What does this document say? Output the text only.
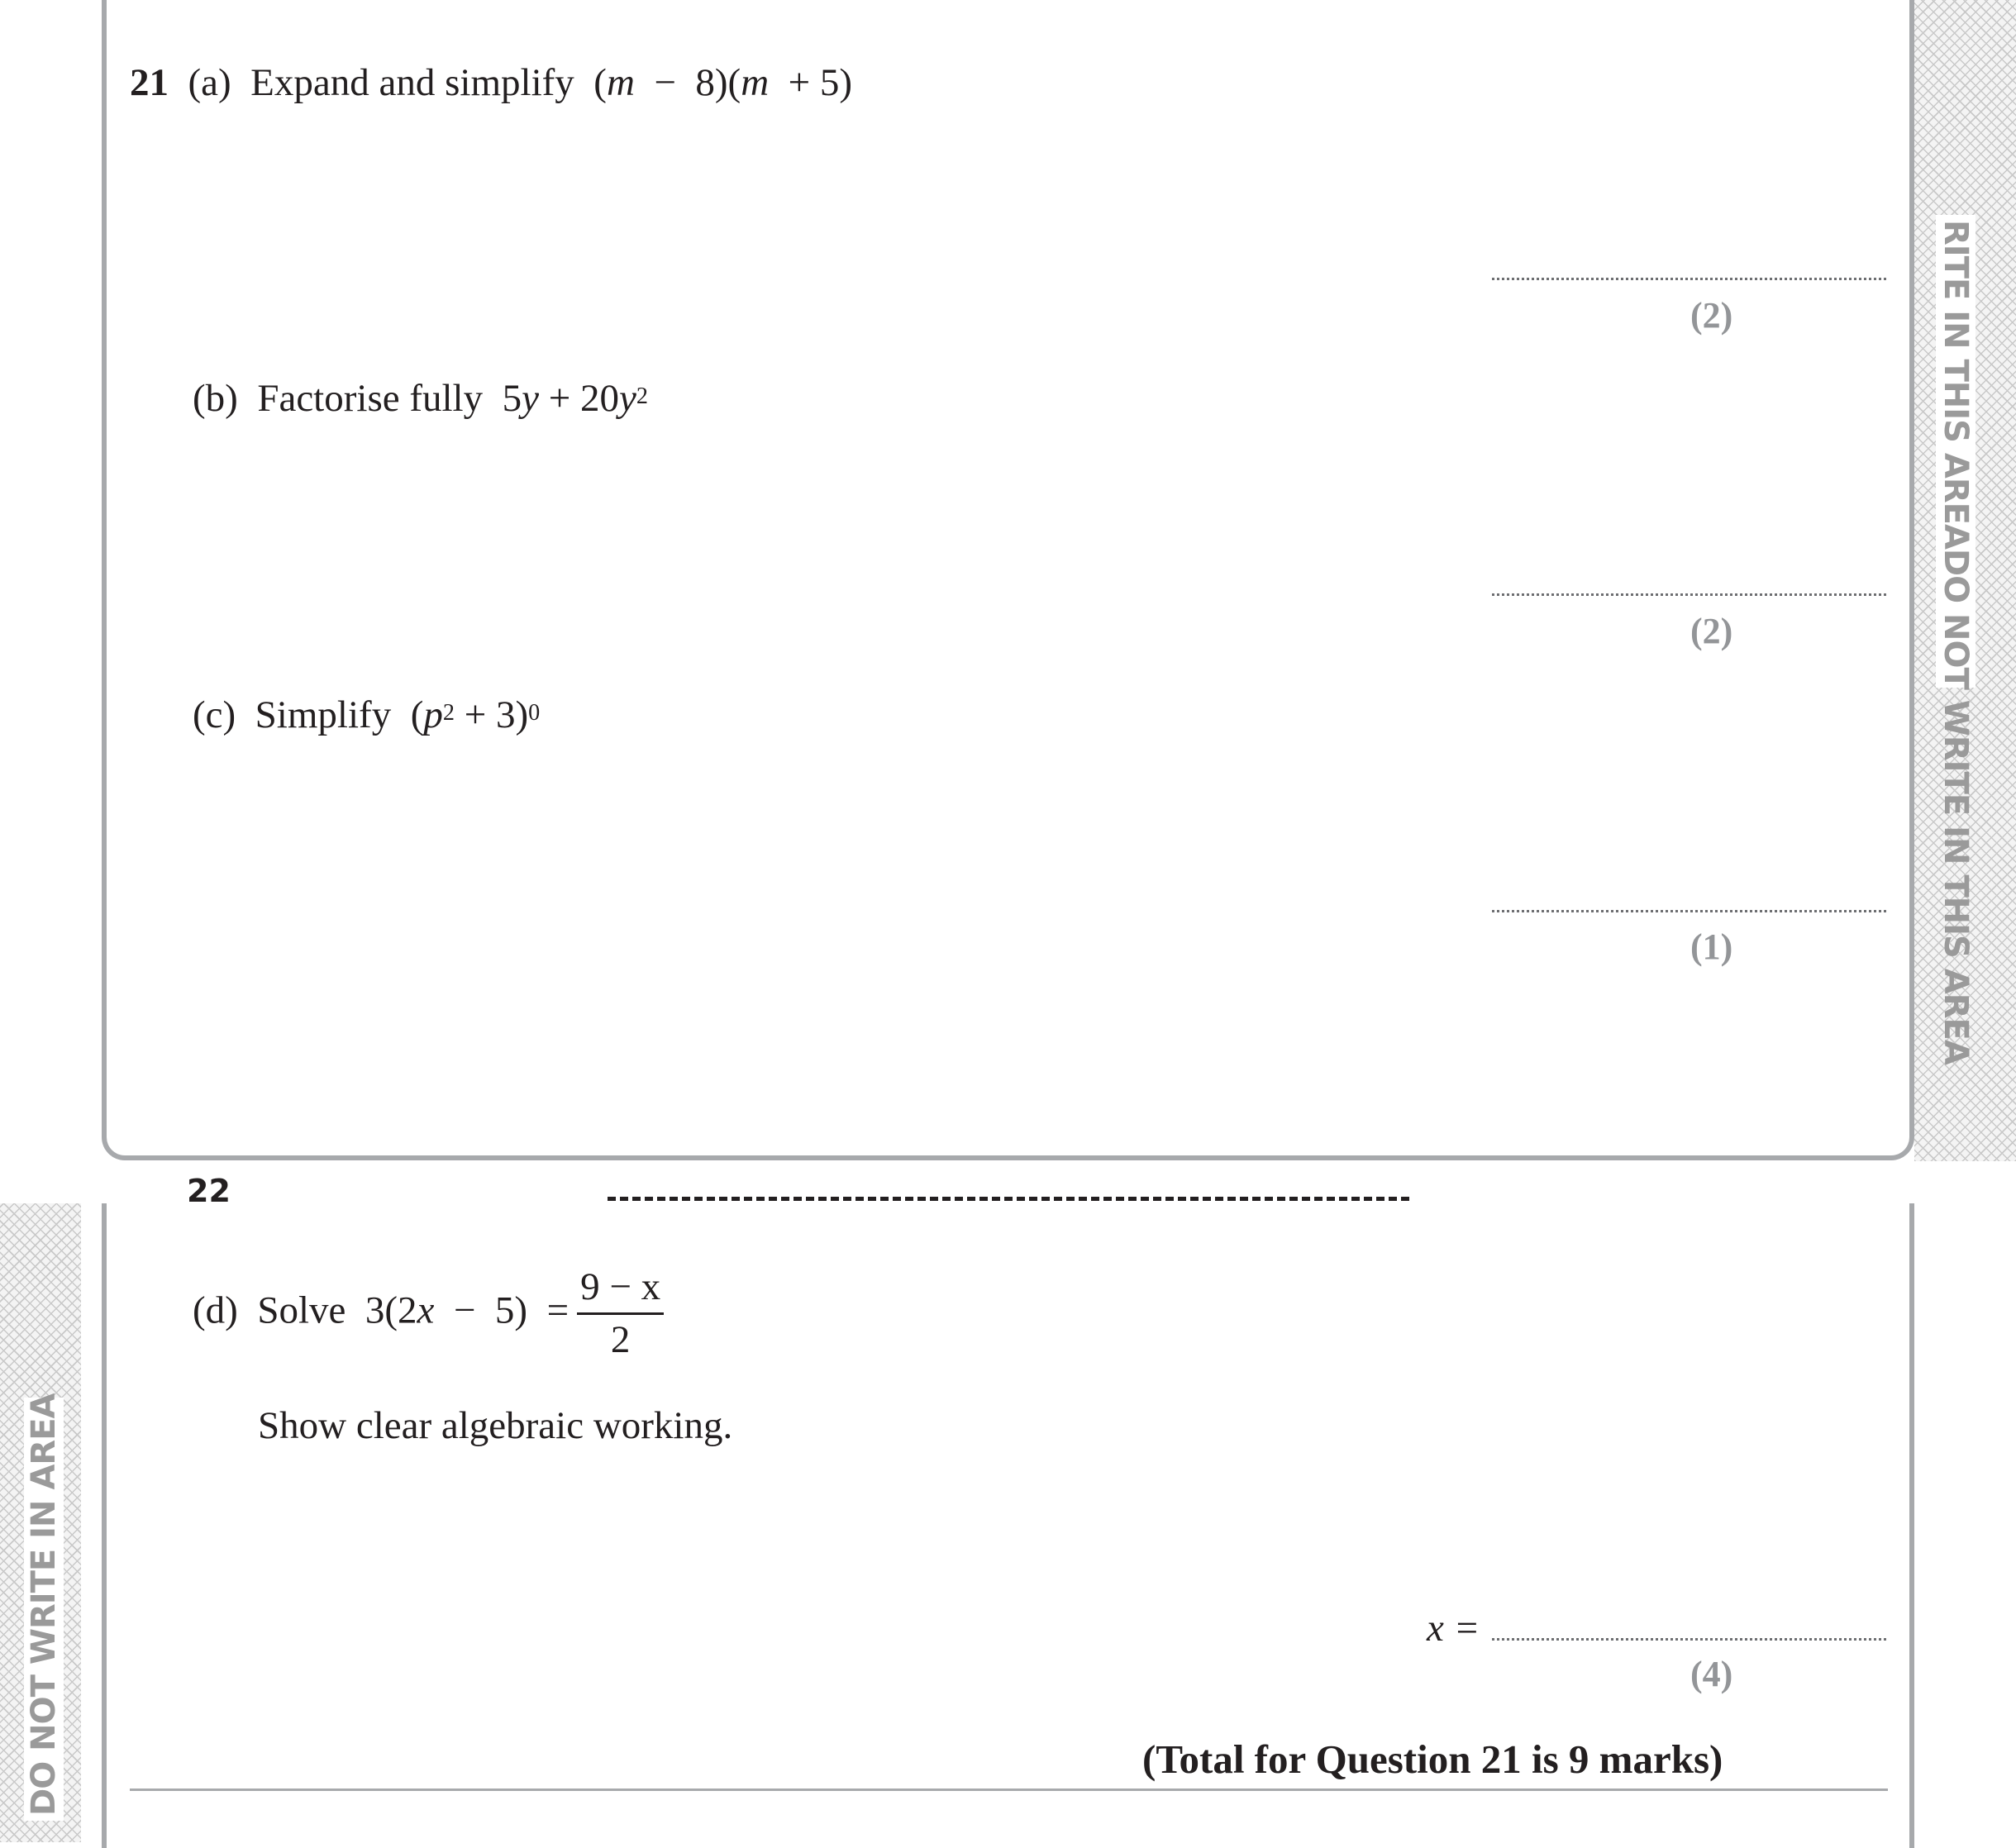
RITE IN THIS AREADO NOT WRITE IN THIS AREA
DO NOT WRITE IN AREA
22
21 (a) Expand and simplify (m  −  8)(m  + 5)
(2)
(b) Factorise fully $5y + 20y^2$
(2)
(c) Simplify $(p^2 + 3)^0$
(1)
(d) Solve $3(2x - 5) = \frac{9 - x}{2}$
Show clear algebraic working.
x =
(4)
(Total for Question 21 is 9 marks)
